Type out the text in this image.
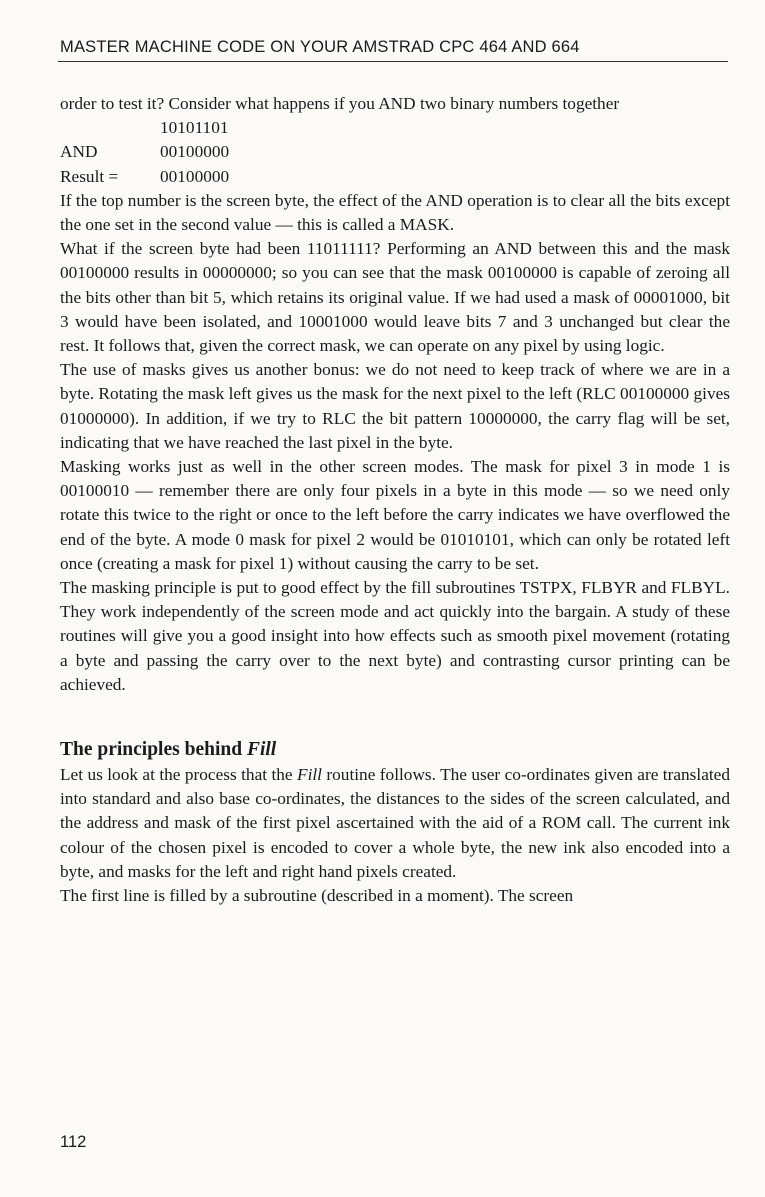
MASTER MACHINE CODE ON YOUR AMSTRAD CPC 464 AND 664

order to test it? Consider what happens if you AND two binary numbers together

10101101
AND	00100000
Result = 00100000

If the top number is the screen byte, the effect of the AND operation is to clear all the bits except the one set in the second value — this is called a MASK.

What if the screen byte had been 11011111? Performing an AND between this and the mask 00100000 results in 00000000; so you can see that the mask 00100000 is capable of zeroing all the bits other than bit 5, which retains its original value. If we had used a mask of 00001000, bit 3 would have been isolated, and 10001000 would leave bits 7 and 3 unchanged but clear the rest. It follows that, given the correct mask, we can operate on any pixel by using logic.

The use of masks gives us another bonus: we do not need to keep track of where we are in a byte. Rotating the mask left gives us the mask for the next pixel to the left (RLC 00100000 gives 01000000). In addition, if we try to RLC the bit pattern 10000000, the carry flag will be set, indicating that we have reached the last pixel in the byte.

Masking works just as well in the other screen modes. The mask for pixel 3 in mode 1 is 00100010 — remember there are only four pixels in a byte in this mode — so we need only rotate this twice to the right or once to the left before the carry indicates we have overflowed the end of the byte. A mode 0 mask for pixel 2 would be 01010101, which can only be rotated left once (creating a mask for pixel 1) without causing the carry to be set.

The masking principle is put to good effect by the fill subroutines TSTPX, FLBYR and FLBYL. They work independently of the screen mode and act quickly into the bargain. A study of these routines will give you a good insight into how effects such as smooth pixel movement (rotating a byte and passing the carry over to the next byte) and contrasting cursor printing can be achieved.

The principles behind Fill

Let us look at the process that the Fill routine follows. The user co-ordinates given are translated into standard and also base co-ordinates, the distances to the sides of the screen calculated, and the address and mask of the first pixel ascertained with the aid of a ROM call. The current ink colour of the chosen pixel is encoded to cover a whole byte, the new ink also encoded into a byte, and masks for the left and right hand pixels created.

The first line is filled by a subroutine (described in a moment). The screen

112
